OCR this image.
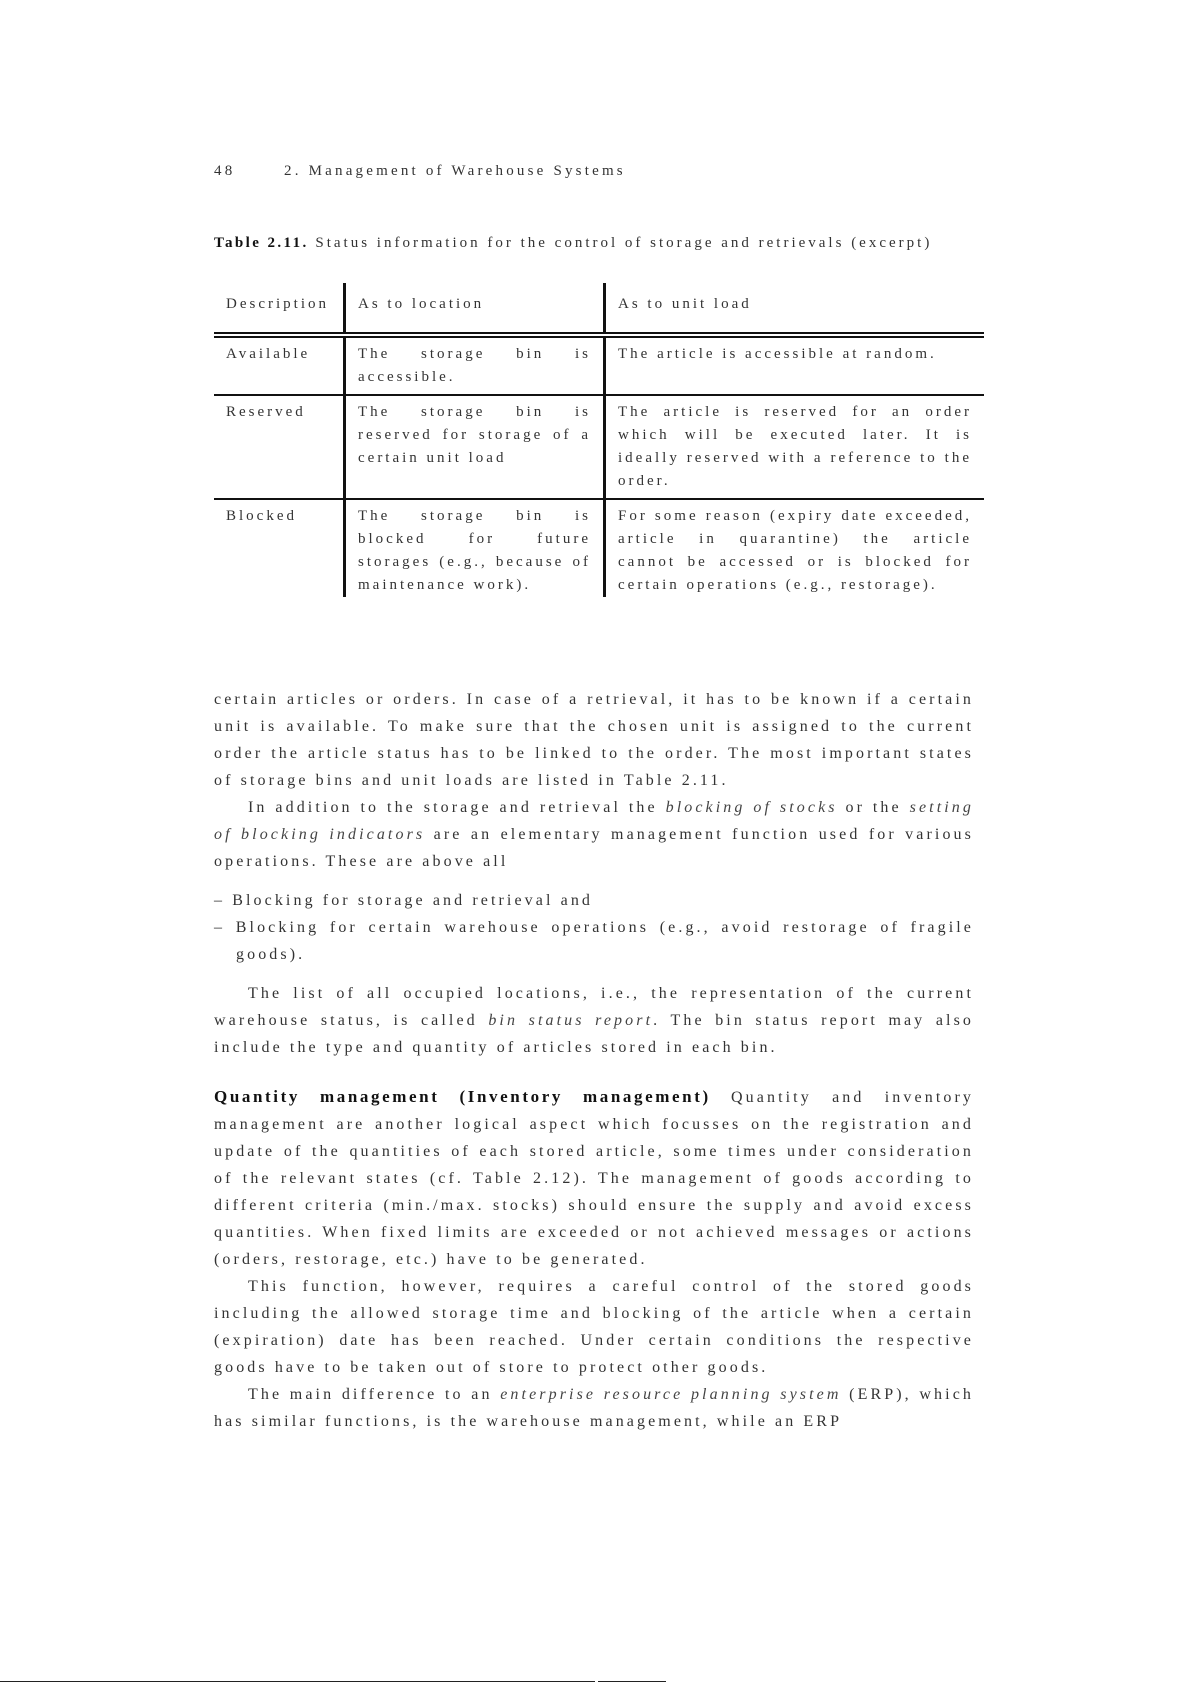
48	2. Management of Warehouse Systems
Table 2.11. Status information for the control of storage and retrievals (excerpt)
Description	As to location	As to unit load
Available	The storage bin is accessible.	The article is accessible at random.
Reserved	The storage bin is reserved for storage of a certain unit load	The article is reserved for an order which will be executed later. It is ideally reserved with a reference to the order.
Blocked	The storage bin is blocked for future storages (e.g., because of maintenance work).	For some reason (expiry date exceeded, article in quarantine) the article cannot be accessed or is blocked for certain operations (e.g., restorage).

certain articles or orders. In case of a retrieval, it has to be known if a certain unit is available. To make sure that the chosen unit is assigned to the current order the article status has to be linked to the order. The most important states of storage bins and unit loads are listed in Table 2.11.

In addition to the storage and retrieval the blocking of stocks or the setting of blocking indicators are an elementary management function used for various operations. These are above all

– Blocking for storage and retrieval and
– Blocking for certain warehouse operations (e.g., avoid restorage of fragile goods).

The list of all occupied locations, i.e., the representation of the current warehouse status, is called bin status report. The bin status report may also include the type and quantity of articles stored in each bin.

Quantity management (Inventory management) Quantity and inventory management are another logical aspect which focusses on the registration and update of the quantities of each stored article, some times under consideration of the relevant states (cf. Table 2.12). The management of goods according to different criteria (min./max. stocks) should ensure the supply and avoid excess quantities. When fixed limits are exceeded or not achieved messages or actions (orders, restorage, etc.) have to be generated.

This function, however, requires a careful control of the stored goods including the allowed storage time and blocking of the article when a certain (expiration) date has been reached. Under certain conditions the respective goods have to be taken out of store to protect other goods.

The main difference to an enterprise resource planning system (ERP), which has similar functions, is the warehouse management, while an ERP
